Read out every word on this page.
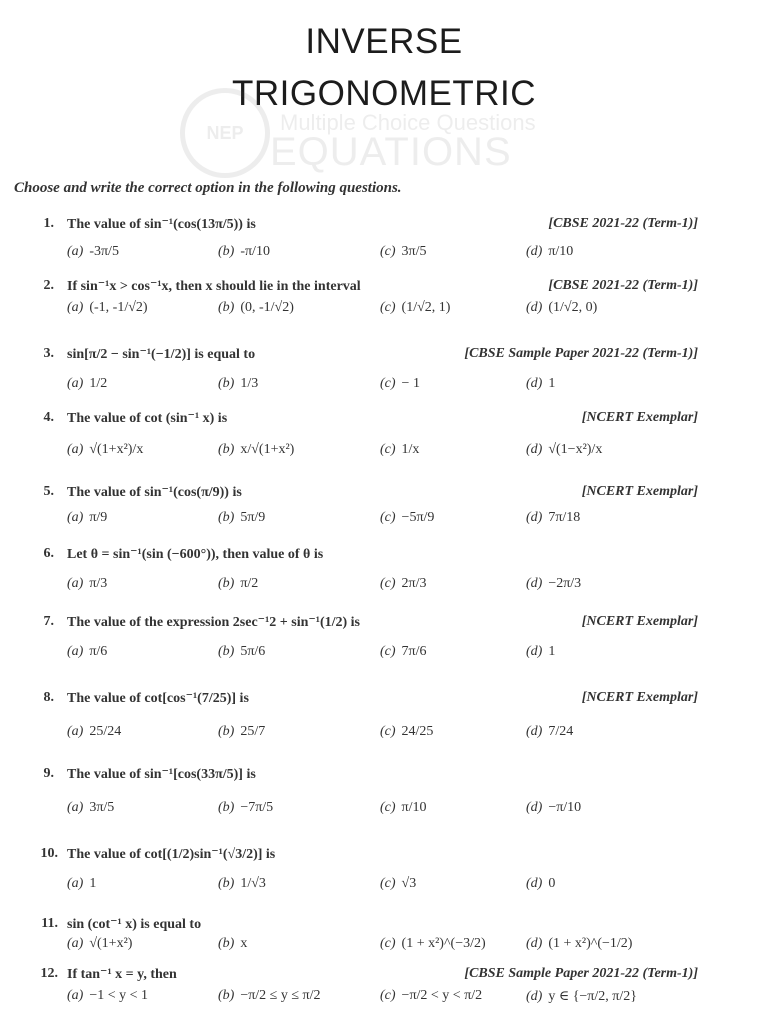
INVERSE
TRIGONOMETRIC
NEP	Multiple Choice Questions
EQUATIONS
Choose and write the correct option in the following questions.
1. The value of sin⁻¹(cos(13π/5)) is	[CBSE 2021-22 (Term-1)]
(a) -3π/5	(b) -π/10	(c) 3π/5	(d) π/10
2. If sin⁻¹x > cos⁻¹x, then x should lie in the interval	[CBSE 2021-22 (Term-1)]
(a) (-1, -1/√2)	(b) (0, -1/√2)	(c) (1/√2, 1)	(d) (1/√2, 0)
3. sin[π/2 − sin⁻¹(−1/2)] is equal to	[CBSE Sample Paper 2021-22 (Term-1)]
(a) 1/2	(b) 1/3	(c) − 1	(d) 1
4. The value of cot (sin⁻¹ x) is	[NCERT Exemplar]
(a) √(1+x²)/x	(b) x/√(1+x²)	(c) 1/x	(d) √(1−x²)/x
5. The value of sin⁻¹(cos(π/9)) is	[NCERT Exemplar]
(a) π/9	(b) 5π/9	(c) −5π/9	(d) 7π/18
6. Let θ = sin⁻¹(sin (−600°)), then value of θ is
(a) π/3	(b) π/2	(c) 2π/3	(d) −2π/3
7. The value of the expression 2sec⁻¹2 + sin⁻¹(1/2) is	[NCERT Exemplar]
(a) π/6	(b) 5π/6	(c) 7π/6	(d) 1
8. The value of cot[cos⁻¹(7/25)] is	[NCERT Exemplar]
(a) 25/24	(b) 25/7	(c) 24/25	(d) 7/24
9. The value of sin⁻¹[cos(33π/5)] is
(a) 3π/5	(b) −7π/5	(c) π/10	(d) −π/10
10. The value of cot[(1/2)sin⁻¹(√3/2)] is
(a) 1	(b) 1/√3	(c) √3	(d) 0
11. sin (cot⁻¹ x) is equal to
(a) √(1+x²)	(b) x	(c) (1 + x²)^(−3/2)	(d) (1 + x²)^(−1/2)
12. If tan⁻¹ x = y, then	[CBSE Sample Paper 2021-22 (Term-1)]
(a) −1 < y < 1	(b) −π/2 ≤ y ≤ π/2	(c) −π/2 < y < π/2	(d) y ∈ {−π/2, π/2}
